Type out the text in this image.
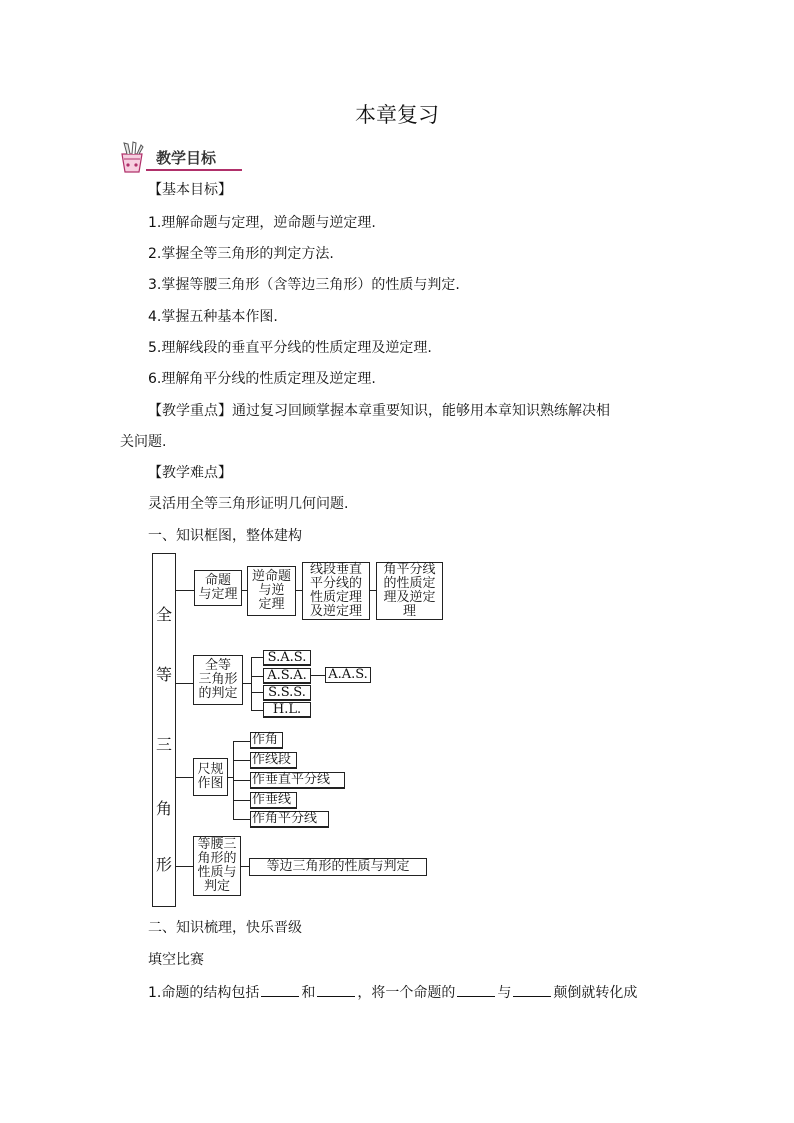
本章复习
教学目标
【基本目标】
1.理解命题与定理，逆命题与逆定理.
2.掌握全等三角形的判定方法.
3.掌握等腰三角形（含等边三角形）的性质与判定.
4.掌握五种基本作图.
5.理解线段的垂直平分线的性质定理及逆定理.
6.理解角平分线的性质定理及逆定理.
【教学重点】通过复习回顾掌握本章重要知识，能够用本章知识熟练解决相
关问题.
【教学难点】
灵活用全等三角形证明几何问题.
一、知识框图，整体建构
全
等
三
角
形
命题
与定理
逆命题
与逆
定理
线段垂直
平分线的
性质定理
及逆定理
角平分线
的性质定
理及逆定
理
全等
三角形
的判定
S.A.S.
A.S.A.
S.S.S.
H.L.
A.A.S.
尺规
作图
作角
作线段
作垂直平分线
作垂线
作角平分线
等腰三
角形的
性质与
判定
等边三角形的性质与判定
二、知识梳理，快乐晋级
填空比赛
1.命题的结构包括	和	，将一个命题的	与	颠倒就转化成
